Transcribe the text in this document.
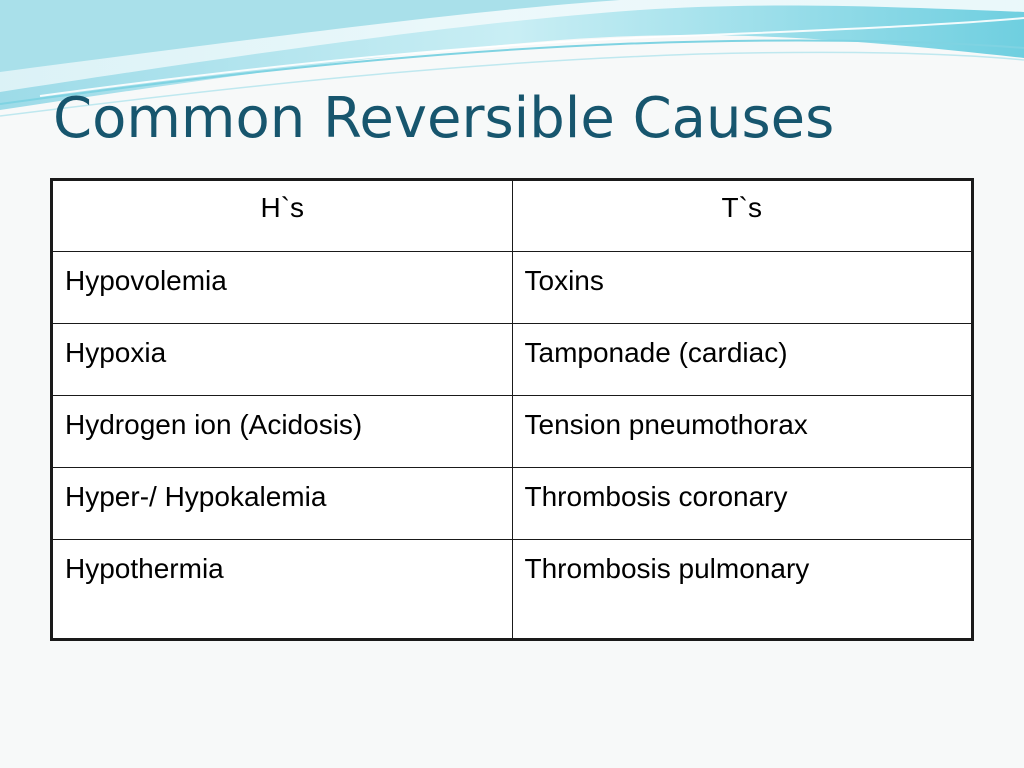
Common Reversible Causes
H`s	T`s
Hypovolemia	Toxins
Hypoxia	Tamponade (cardiac)
Hydrogen ion (Acidosis)	Tension pneumothorax
Hyper-/ Hypokalemia	Thrombosis coronary
Hypothermia	Thrombosis pulmonary
